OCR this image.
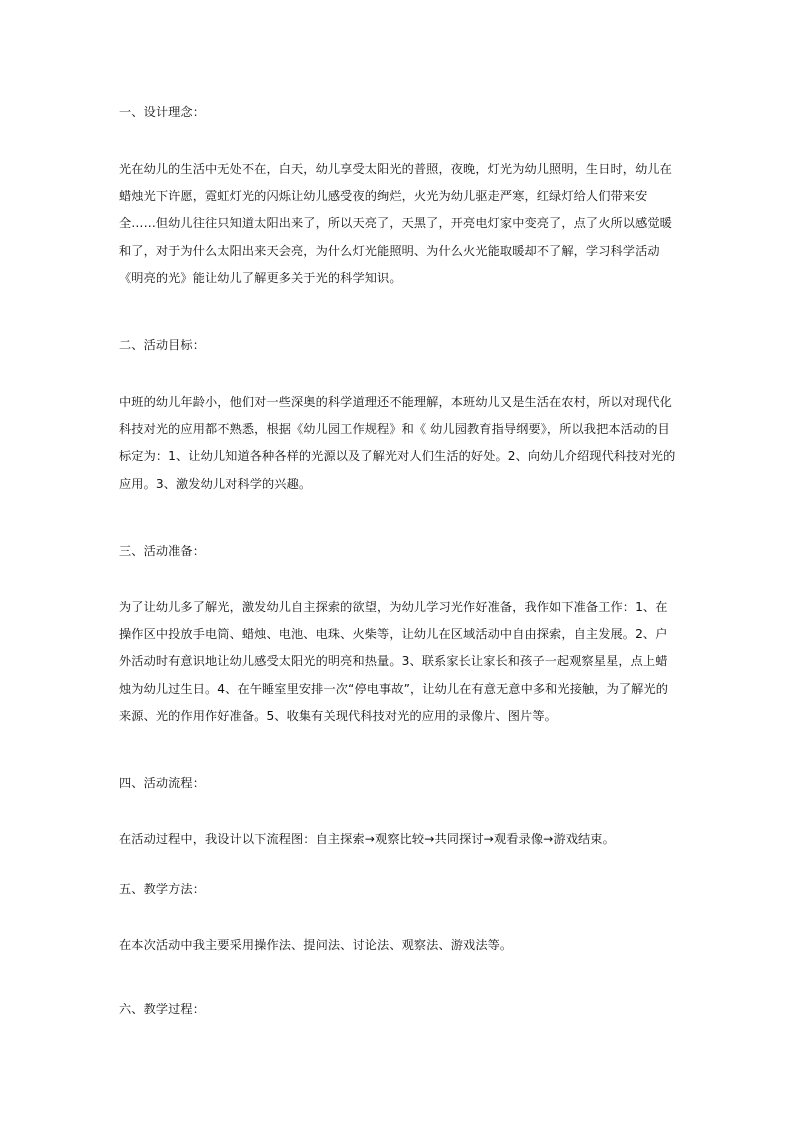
一、设计理念：
光在幼儿的生活中无处不在，白天，幼儿享受太阳光的普照，夜晚，灯光为幼儿照明，生日时，幼儿在蜡烛光下许愿，霓虹灯光的闪烁让幼儿感受夜的绚烂，火光为幼儿驱走严寒，红绿灯给人们带来安全……但幼儿往往只知道太阳出来了，所以天亮了，天黑了，开亮电灯家中变亮了，点了火所以感觉暖和了，对于为什么太阳出来天会亮，为什么灯光能照明、为什么火光能取暖却不了解，学习科学活动《明亮的光》能让幼儿了解更多关于光的科学知识。
二、活动目标：
中班的幼儿年龄小，他们对一些深奥的科学道理还不能理解，本班幼儿又是生活在农村，所以对现代化科技对光的应用都不熟悉，根据《幼儿园工作规程》和《 幼儿园教育指导纲要》，所以我把本活动的目标定为：1、让幼儿知道各种各样的光源以及了解光对人们生活的好处。2、向幼儿介绍现代科技对光的应用。3、激发幼儿对科学的兴趣。
三、活动准备：
为了让幼儿多了解光，激发幼儿自主探索的欲望，为幼儿学习光作好准备，我作如下准备工作：1、在操作区中投放手电筒、蜡烛、电池、电珠、火柴等，让幼儿在区域活动中自由探索，自主发展。2、户外活动时有意识地让幼儿感受太阳光的明亮和热量。3、联系家长让家长和孩子一起观察星星，点上蜡烛为幼儿过生日。4、在午睡室里安排一次“停电事故”，让幼儿在有意无意中多和光接触，为了解光的来源、光的作用作好准备。5、收集有关现代科技对光的应用的录像片、图片等。
四、活动流程：
在活动过程中，我设计以下流程图：自主探索→观察比较→共同探讨→观看录像→游戏结束。
五、教学方法：
在本次活动中我主要采用操作法、提问法、讨论法、观察法、游戏法等。
六、教学过程：
